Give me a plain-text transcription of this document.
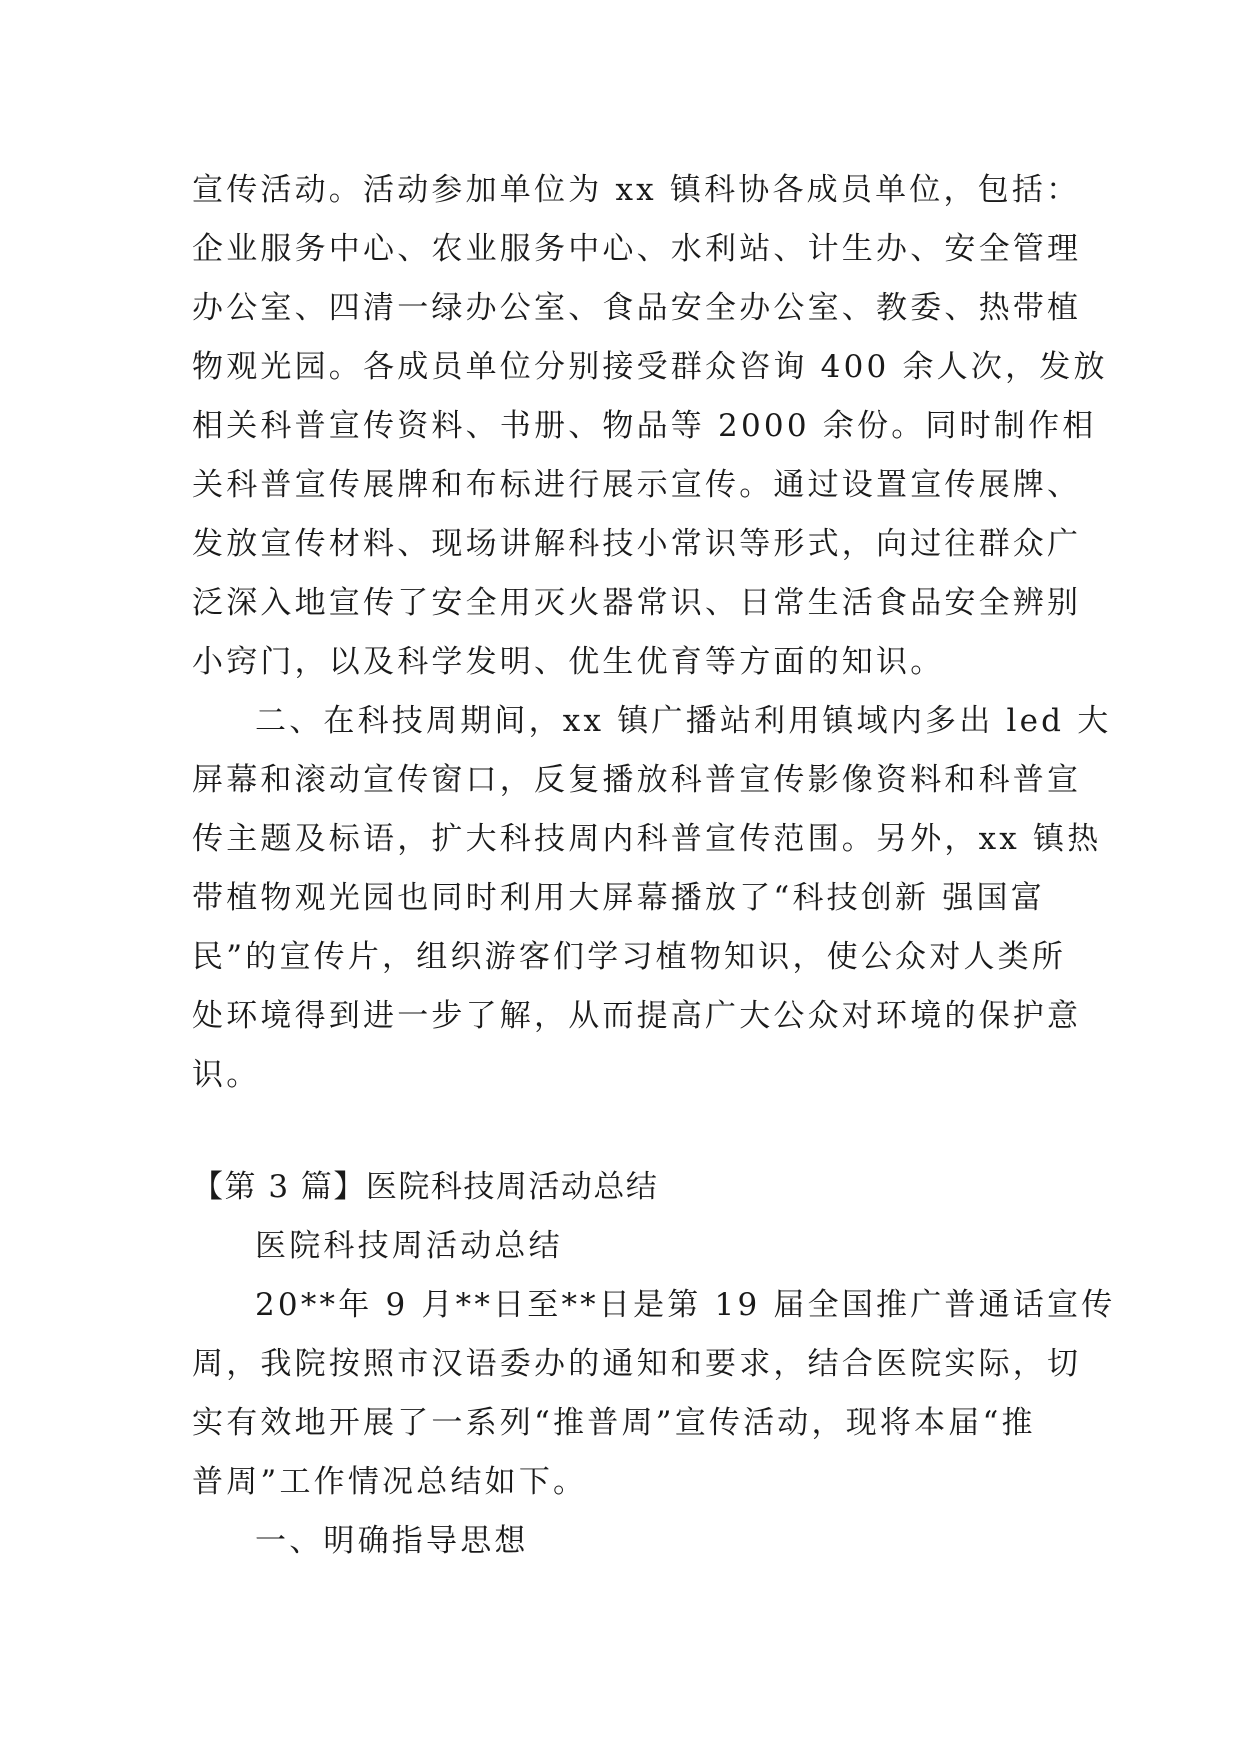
宣传活动。活动参加单位为 xx 镇科协各成员单位，包括：
企业服务中心、农业服务中心、水利站、计生办、安全管理
办公室、四清一绿办公室、食品安全办公室、教委、热带植
物观光园。各成员单位分别接受群众咨询 400 余人次，发放
相关科普宣传资料、书册、物品等 2000 余份。同时制作相
关科普宣传展牌和布标进行展示宣传。通过设置宣传展牌、
发放宣传材料、现场讲解科技小常识等形式，向过往群众广
泛深入地宣传了安全用灭火器常识、日常生活食品安全辨别
小窍门，以及科学发明、优生优育等方面的知识。
二、在科技周期间，xx 镇广播站利用镇域内多出 led 大
屏幕和滚动宣传窗口，反复播放科普宣传影像资料和科普宣
传主题及标语，扩大科技周内科普宣传范围。另外，xx 镇热
带植物观光园也同时利用大屏幕播放了“科技创新 强国富
民”的宣传片，组织游客们学习植物知识，使公众对人类所
处环境得到进一步了解，从而提高广大公众对环境的保护意
识。
【第 3 篇】医院科技周活动总结
医院科技周活动总结
20**年 9 月**日至**日是第 19 届全国推广普通话宣传
周，我院按照市汉语委办的通知和要求，结合医院实际，切
实有效地开展了一系列“推普周”宣传活动，现将本届“推
普周”工作情况总结如下。
一、明确指导思想
